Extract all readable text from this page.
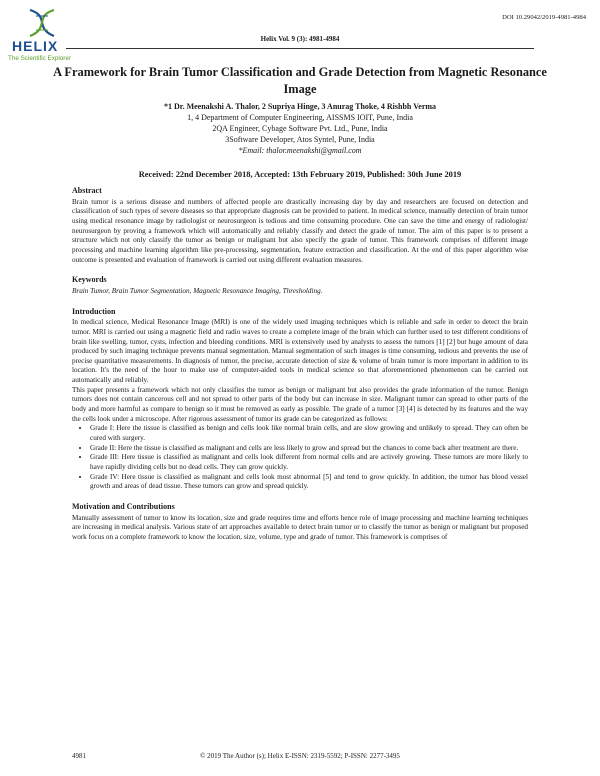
HELIX
The Scientific Explorer
DOI 10.29042/2019-4981-4984
Helix Vol. 9 (3): 4981-4984
A Framework for Brain Tumor Classification and Grade Detection from Magnetic Resonance Image
*1 Dr. Meenakshi A. Thalor, 2 Supriya Hinge, 3 Anurag Thoke, 4 Rishbh Verma
1, 4 Department of Computer Engineering, AISSMS IOIT, Pune, India
2QA Engineer, Cybage Software Pvt. Ltd., Pune, India
3Software Developer, Atos Syntel, Pune, India
*Email: thalor.meenakshi@gmail.com
Received: 22nd December 2018, Accepted: 13th February 2019, Published: 30th June 2019
Abstract

Brain tumor is a serious disease and numbers of affected people are drastically increasing day by day and researchers are focused on detection and classification of such types of severe diseases so that appropriate diagnosis can be provided to patient. In medical science, manually detection of brain tumor using medical resonance image by radiologist or neurosurgeon is tedious and time consuming procedure. One can save the time and energy of radiologist/ neurosurgeon by proving a framework which will automatically and reliably classify and detect the grade of tumor. The aim of this paper is to present a structure which not only classify the tumor as benign or malignant but also specify the grade of tumor. This framework comprises of different image processing and machine learning algorithm like pre-processing, segmentation, feature extraction and classification. At the end of this paper algorithm wise outcome is presented and evaluation of framework is carried out using different evaluation measures.

Keywords

Brain Tumor, Brain Tumor Segmentation, Magnetic Resonance Imaging, Thresholding.

Introduction

In medical science, Medical Resonance Image (MRI) is one of the widely used imaging techniques which is reliable and safe in order to detect the brain tumor. MRI is carried out using a magnetic field and radio waves to create a complete image of the brain which can further used to test different conditions of brain like swelling, tumor, cysts, infection and bleeding conditions. MRI is extensively used by analysts to assess the tumors [1] [2] but huge amount of data produced by such imaging technique prevents manual segmentation. Manual segmentation of such images is time consuming, tedious and prevents the use of precise quantitative measurements. In diagnosis of tumor, the precise, accurate detection of size & volume of brain tumor is more important in addition to its location. It's the need of the hour to make use of computer-aided tools in medical science so that aforementioned phenomenon can be carried out automatically and reliably.

This paper presents a framework which not only classifies the tumor as benign or malignant but also provides the grade information of the tumor. Benign tumors does not contain cancerous cell and not spread to other parts of the body but can increase in size. Malignant tumor can spread to other parts of the body and more harmful as compare to benign so it must be removed as early as possible. The grade of a tumor [3] [4] is detected by its features and the way the cells look under a microscope. After rigorous assessment of tumor its grade can be categorized as follows:

• Grade I: Here the tissue is classified as benign and cells look like normal brain cells, and are slow growing and unlikely to spread. They can often be cured with surgery.
• Grade II: Here the tissue is classified as malignant and cells are less likely to grow and spread but the chances to come back after treatment are there.
• Grade III: Here tissue is classified as malignant and cells look different from normal cells and are actively growing. These tumors are more likely to have rapidly dividing cells but no dead cells. They can grow quickly.
• Grade IV: Here tissue is classified as malignant and cells look most abnormal [5] and tend to grow quickly. In addition, the tumor has blood vessel growth and areas of dead tissue. These tumors can grow and spread quickly.
Motivation and Contributions

Manually assessment of tumor to know its location, size and grade requires time and efforts hence role of image processing and machine learning techniques are increasing in medical analysis. Various state of art approaches available to detect brain tumor or to classify the tumor as benign or malignant but proposed work focus on a complete framework to know the location, size, volume, type and grade of tumor. This framework is comprises of

4981	© 2019 The Author (s); Helix E-ISSN: 2319-5592; P-ISSN: 2277-3495
